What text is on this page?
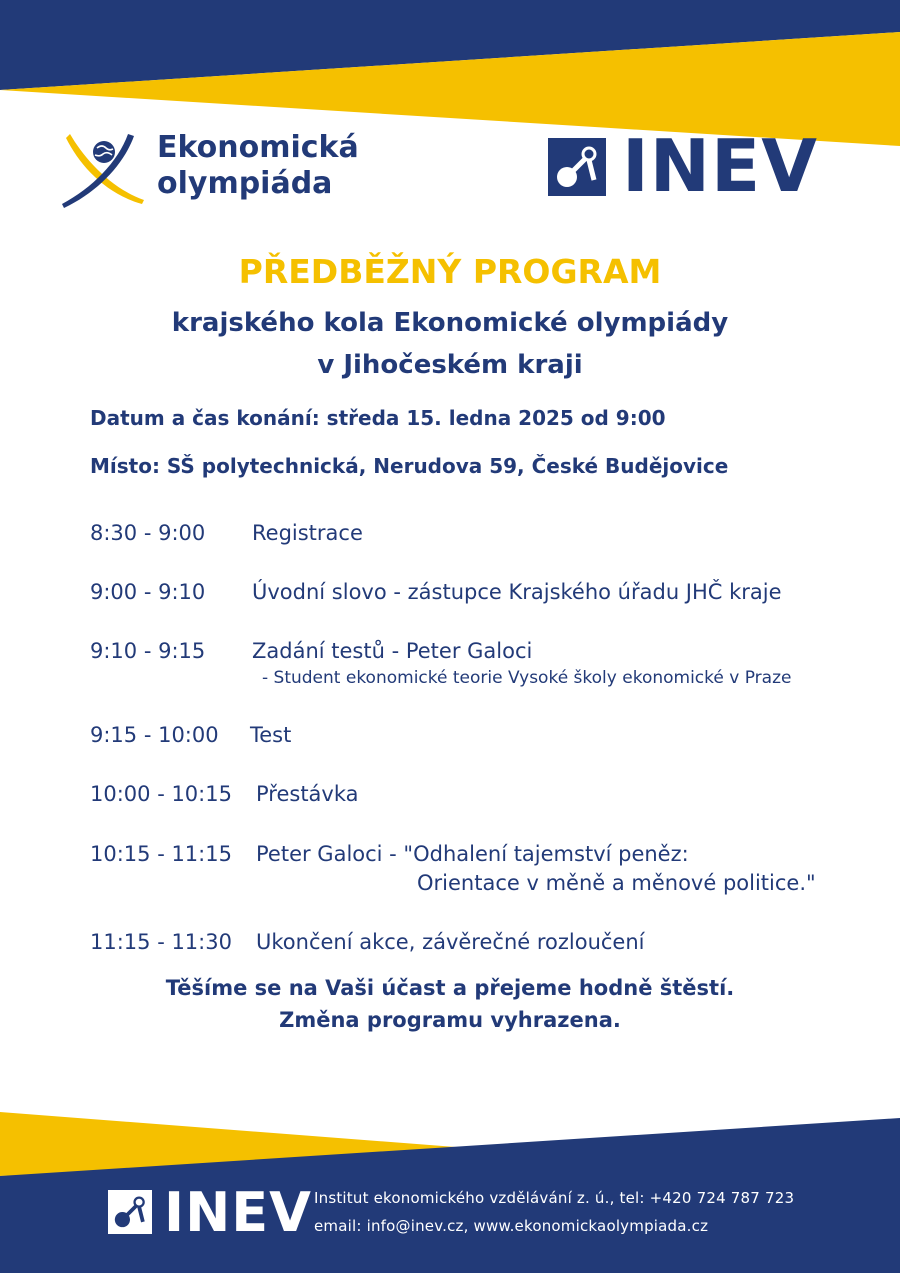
Ekonomická
olympiáda	INEV
PŘEDBĚŽNÝ PROGRAM
krajského kola Ekonomické olympiády
v Jihočeském kraji
Datum a čas konání: středa 15. ledna 2025 od 9:00
Místo: SŠ polytechnická, Nerudova 59, České Budějovice
8:30 - 9:00 Registrace
9:00 - 9:10 Úvodní slovo - zástupce Krajského úřadu JHČ kraje
9:10 - 9:15 Zadání testů - Peter Galoci
- Student ekonomické teorie Vysoké školy ekonomické v Praze
9:15 - 10:00 Test
10:00 - 10:15 Přestávka
10:15 - 11:15 Peter Galoci - "Odhalení tajemství peněz:
Orientace v měně a měnové politice."
11:15 - 11:30 Ukončení akce, závěrečné rozloučení
Těšíme se na Vaši účast a přejeme hodně štěstí.
Změna programu vyhrazena.
INEV Institut ekonomického vzdělávání z. ú., tel: +420 724 787 723
email: info@inev.cz, www.ekonomickaolympiada.cz
